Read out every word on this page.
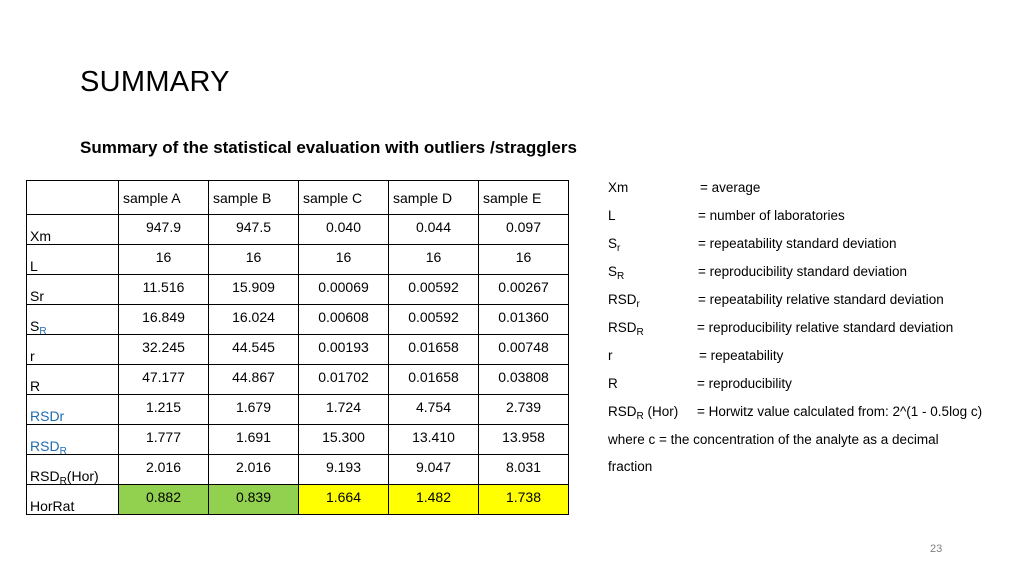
SUMMARY
Summary of the statistical evaluation with outliers /stragglers
	sample A	sample B	sample C	sample D	sample E
Xm	947.9	947.5	0.040	0.044	0.097
L	16	16	16	16	16
Sr	11.516	15.909	0.00069	0.00592	0.00267
$S_R$	16.849	16.024	0.00608	0.00592	0.01360
r	32.245	44.545	0.00193	0.01658	0.00748
R	47.177	44.867	0.01702	0.01658	0.03808
RSDr	1.215	1.679	1.724	4.754	2.739
$RSD_R$	1.777	1.691	15.300	13.410	13.958
$RSD_R(Hor)$	2.016	2.016	9.193	9.047	8.031
HorRat	0.882	0.839	1.664	1.482	1.738
Xm	= average
L	= number of laboratories
$S_r$	= repeatability standard deviation
$S_R$	= reproducibility standard deviation
$RSD_r$	= repeatability relative standard deviation
$RSD_R$	= reproducibility relative standard deviation
r	= repeatability
R	= reproducibility
$RSD_R$ (Hor) = Horwitz value calculated from: 2^(1 - 0.5log c)
where c = the concentration of the analyte as a decimal
fraction
23
